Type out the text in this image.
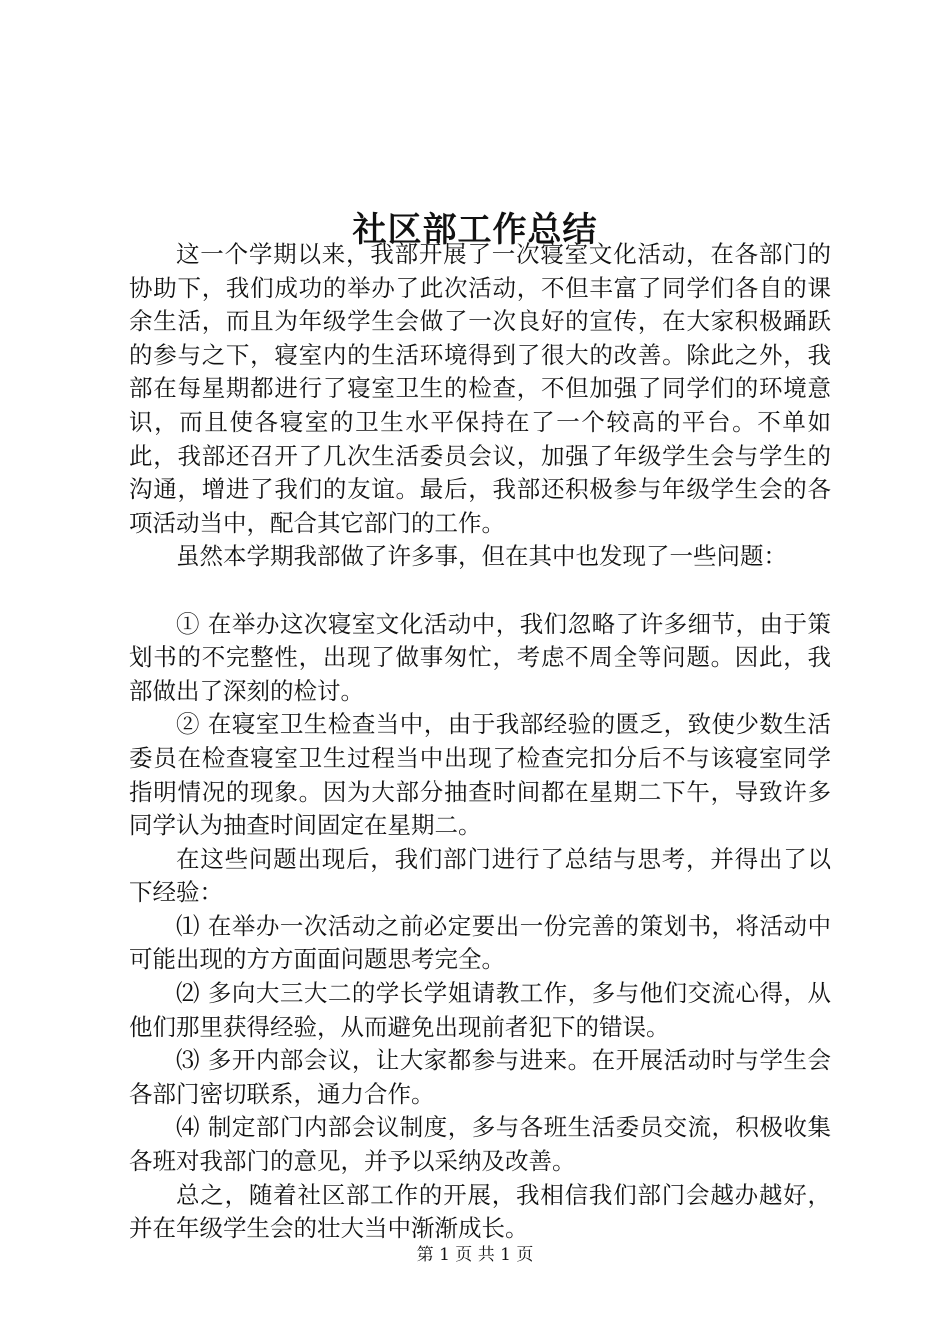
社区部工作总结

这一个学期以来，我部开展了一次寝室文化活动，在各部门的协助下，我们成功的举办了此次活动，不但丰富了同学们各自的课余生活，而且为年级学生会做了一次良好的宣传，在大家积极踊跃的参与之下，寝室内的生活环境得到了很大的改善。除此之外，我部在每星期都进行了寝室卫生的检查，不但加强了同学们的环境意识，而且使各寝室的卫生水平保持在了一个较高的平台。不单如此，我部还召开了几次生活委员会议，加强了年级学生会与学生的沟通，增进了我们的友谊。最后，我部还积极参与年级学生会的各项活动当中，配合其它部门的工作。

虽然本学期我部做了许多事，但在其中也发现了一些问题：

① 在举办这次寝室文化活动中，我们忽略了许多细节，由于策划书的不完整性，出现了做事匆忙，考虑不周全等问题。因此，我部做出了深刻的检讨。

② 在寝室卫生检查当中，由于我部经验的匮乏，致使少数生活委员在检查寝室卫生过程当中出现了检查完扣分后不与该寝室同学指明情况的现象。因为大部分抽查时间都在星期二下午，导致许多同学认为抽查时间固定在星期二。

在这些问题出现后，我们部门进行了总结与思考，并得出了以下经验：

⑴ 在举办一次活动之前必定要出一份完善的策划书，将活动中可能出现的方方面面问题思考完全。

⑵ 多向大三大二的学长学姐请教工作，多与他们交流心得，从他们那里获得经验，从而避免出现前者犯下的错误。

⑶ 多开内部会议，让大家都参与进来。在开展活动时与学生会各部门密切联系，通力合作。

⑷ 制定部门内部会议制度，多与各班生活委员交流，积极收集各班对我部门的意见，并予以采纳及改善。

总之，随着社区部工作的开展，我相信我们部门会越办越好，并在年级学生会的壮大当中渐渐成长。

第 1 页 共 1 页
